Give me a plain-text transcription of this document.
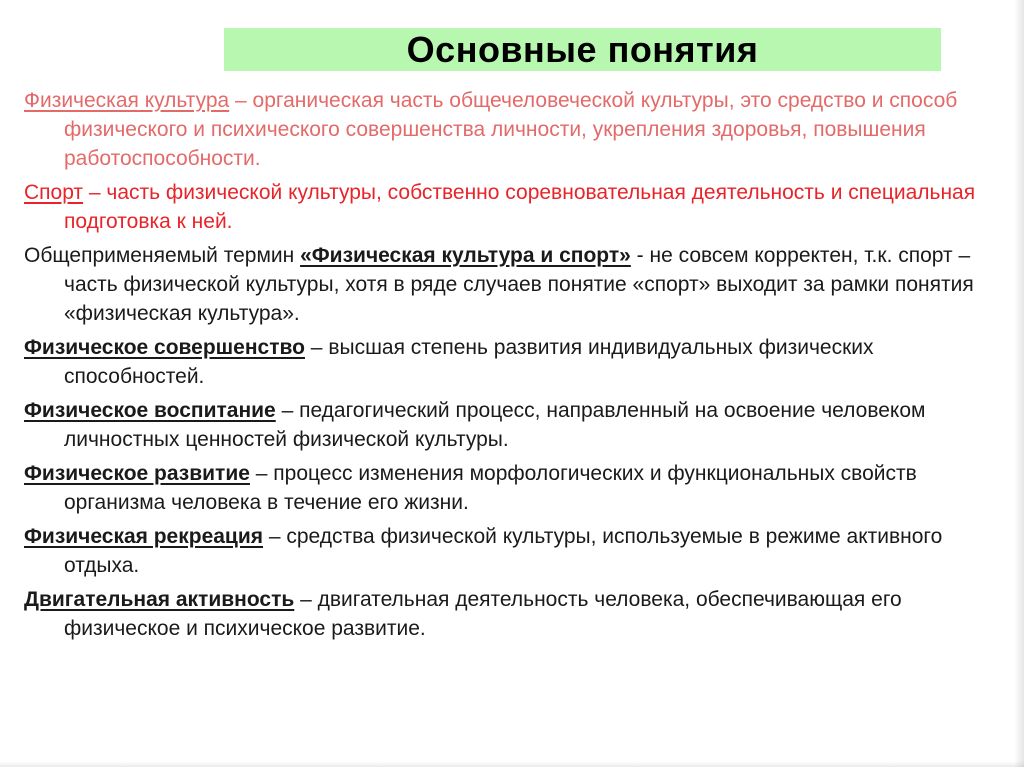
Основные понятия

Физическая культура – органическая часть общечеловеческой культуры, это средство и способ физического и психического совершенства личности, укрепления здоровья, повышения работоспособности.

Спорт – часть физической культуры, собственно соревновательная деятельность и специальная подготовка к ней.

Общеприменяемый термин «Физическая культура и спорт» - не совсем корректен, т.к. спорт – часть физической культуры, хотя в ряде случаев понятие «спорт» выходит за рамки понятия «физическая культура».

Физическое совершенство – высшая степень развития индивидуальных физических способностей.

Физическое воспитание – педагогический процесс, направленный на освоение человеком личностных ценностей физической культуры.

Физическое развитие – процесс изменения морфологических и функциональных свойств организма человека в течение его жизни.

Физическая рекреация – средства физической культуры, используемые в режиме активного отдыха.

Двигательная активность – двигательная деятельность человека, обеспечивающая его физическое и психическое развитие.
